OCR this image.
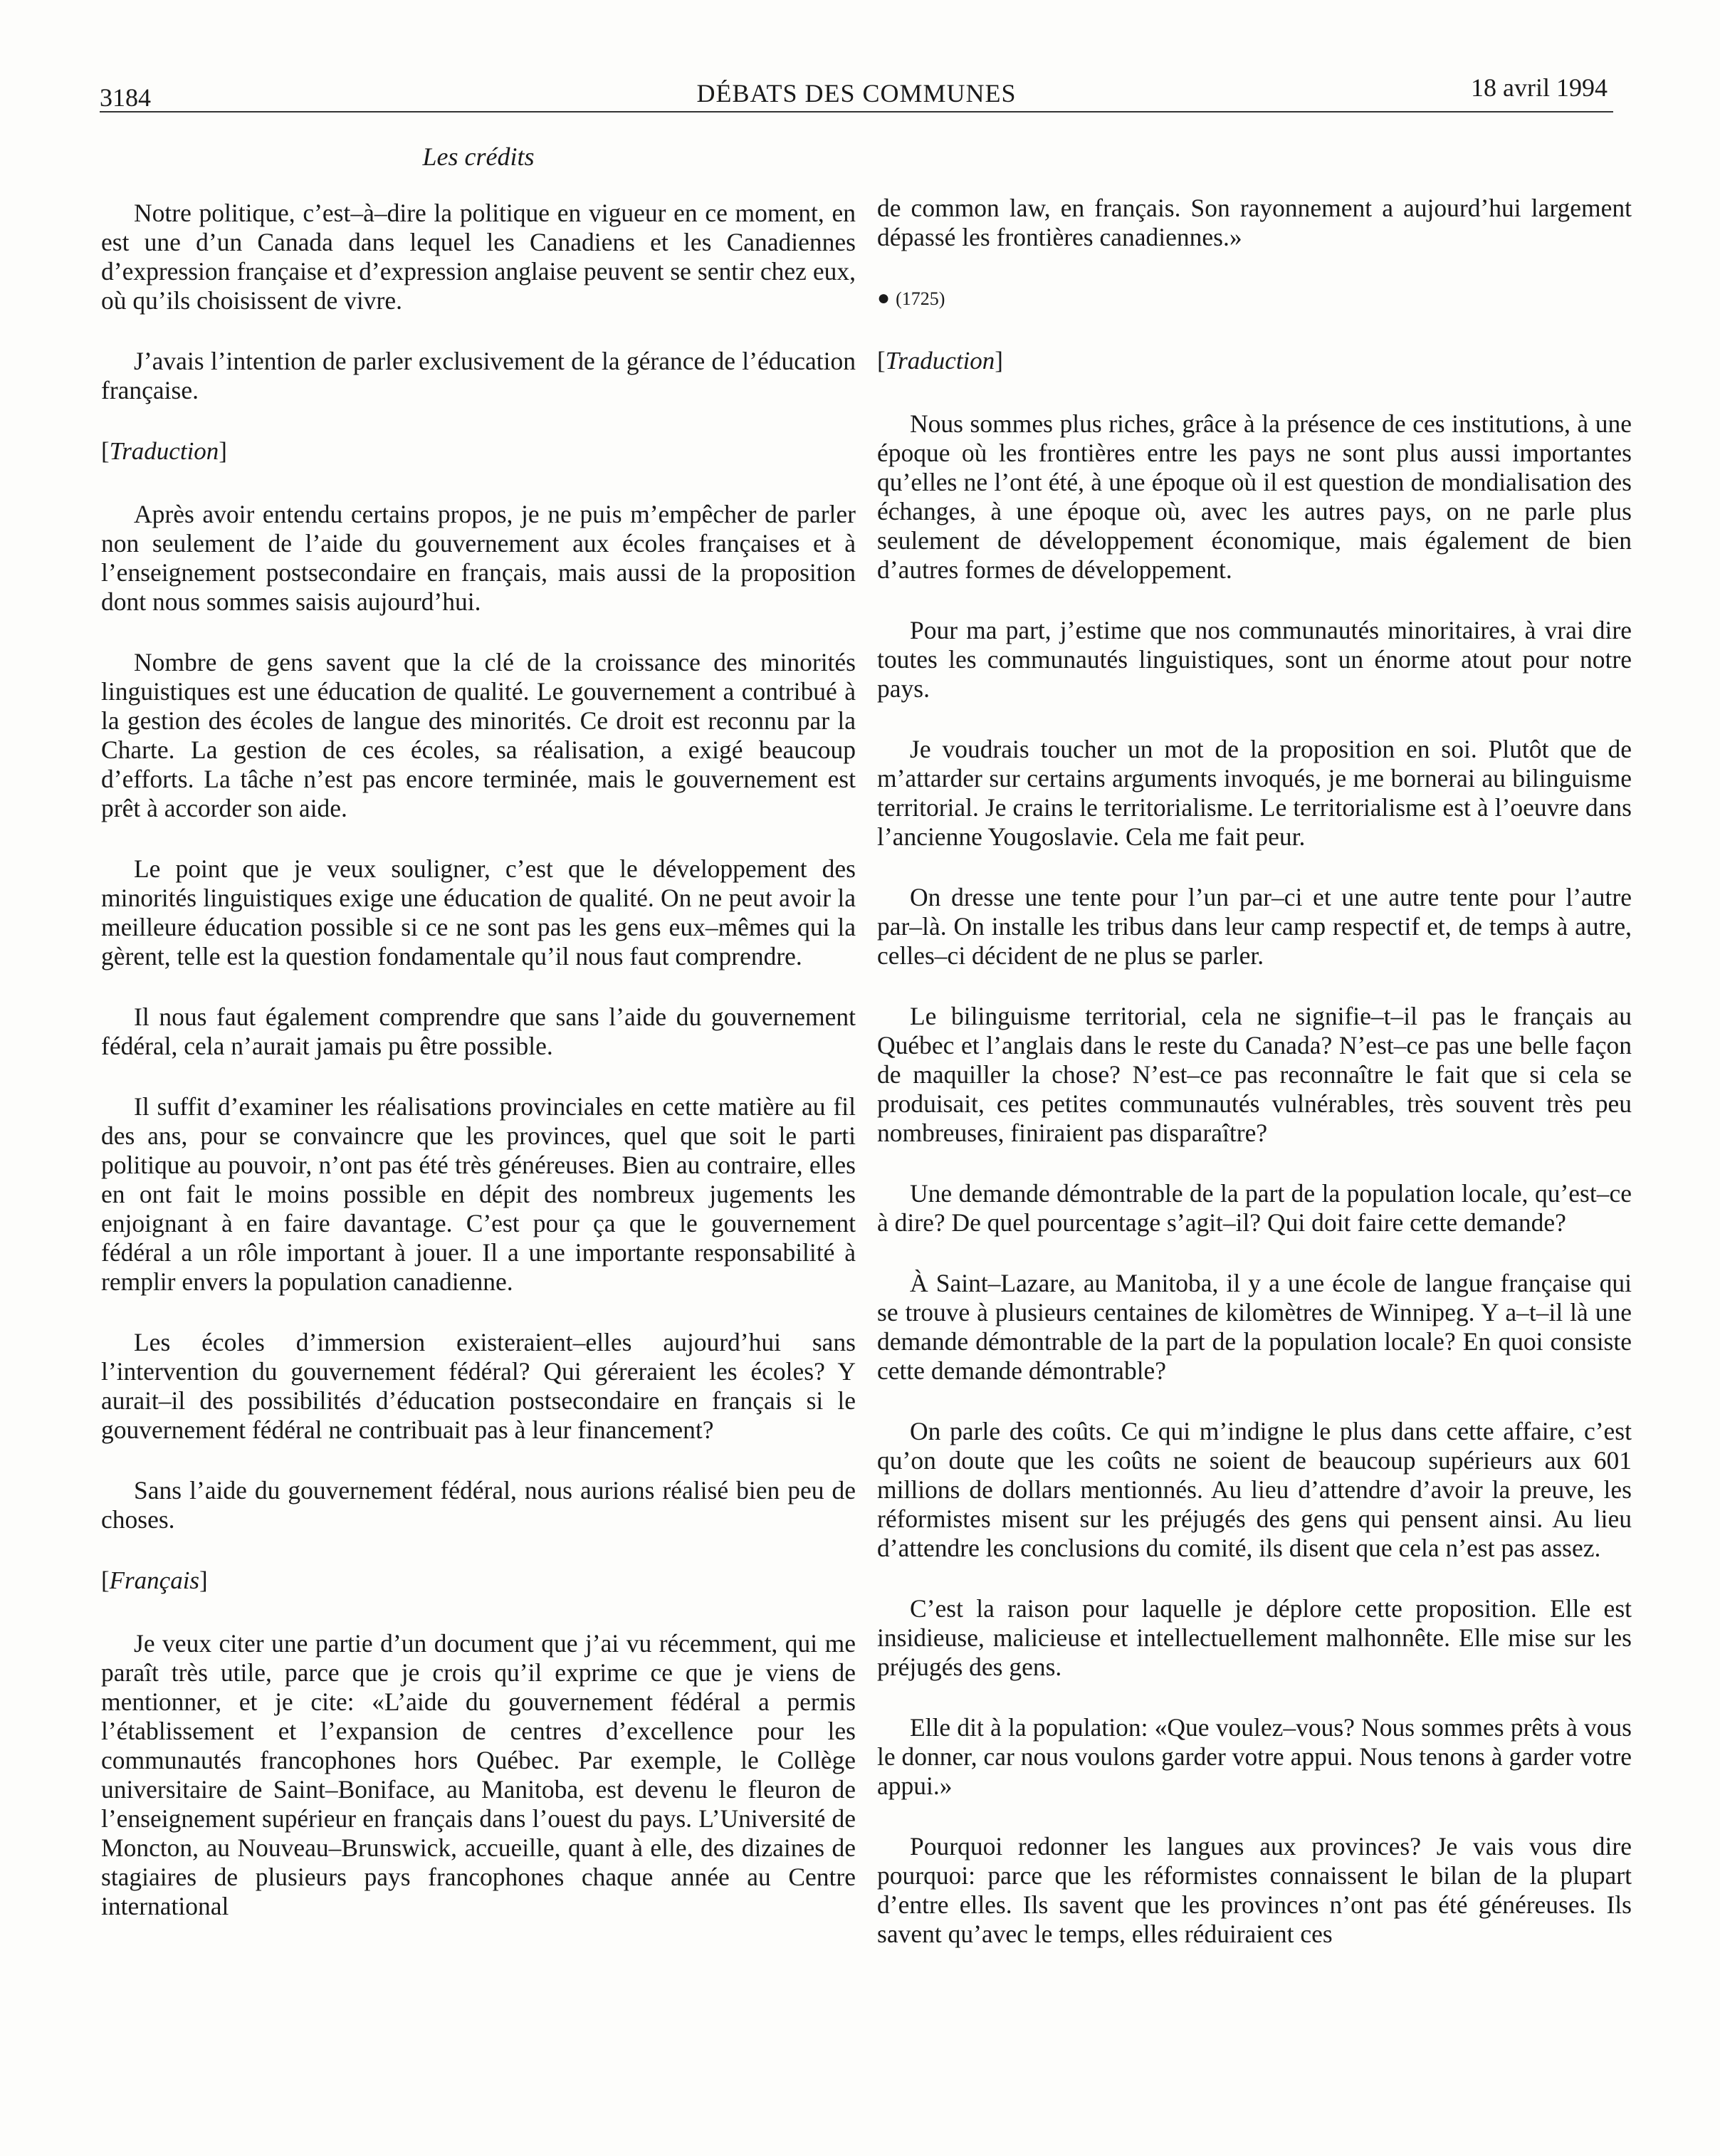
3184	DÉBATS DES COMMUNES	18 avril 1994
Les crédits

Notre politique, c’est–à–dire la politique en vigueur en ce moment, en est une d’un Canada dans lequel les Canadiens et les Canadiennes d’expression française et d’expression anglaise peuvent se sentir chez eux, où qu’ils choisissent de vivre.

J’avais l’intention de parler exclusivement de la gérance de l’éducation française.

[Traduction]

Après avoir entendu certains propos, je ne puis m’empêcher de parler non seulement de l’aide du gouvernement aux écoles françaises et à l’enseignement postsecondaire en français, mais aussi de la proposition dont nous sommes saisis aujourd’hui.

Nombre de gens savent que la clé de la croissance des minorités linguistiques est une éducation de qualité. Le gouvernement a contribué à la gestion des écoles de langue des minorités. Ce droit est reconnu par la Charte. La gestion de ces écoles, sa réalisation, a exigé beaucoup d’efforts. La tâche n’est pas encore terminée, mais le gouvernement est prêt à accorder son aide.

Le point que je veux souligner, c’est que le développement des minorités linguistiques exige une éducation de qualité. On ne peut avoir la meilleure éducation possible si ce ne sont pas les gens eux–mêmes qui la gèrent, telle est la question fondamentale qu’il nous faut comprendre.

Il nous faut également comprendre que sans l’aide du gouvernement fédéral, cela n’aurait jamais pu être possible.

Il suffit d’examiner les réalisations provinciales en cette matière au fil des ans, pour se convaincre que les provinces, quel que soit le parti politique au pouvoir, n’ont pas été très généreuses. Bien au contraire, elles en ont fait le moins possible en dépit des nombreux jugements les enjoignant à en faire davantage. C’est pour ça que le gouvernement fédéral a un rôle important à jouer. Il a une importante responsabilité à remplir envers la population canadienne.

Les écoles d’immersion existeraient–elles aujourd’hui sans l’intervention du gouvernement fédéral? Qui géreraient les écoles? Y aurait–il des possibilités d’éducation postsecondaire en français si le gouvernement fédéral ne contribuait pas à leur financement?

Sans l’aide du gouvernement fédéral, nous aurions réalisé bien peu de choses.

[Français]

Je veux citer une partie d’un document que j’ai vu récemment, qui me paraît très utile, parce que je crois qu’il exprime ce que je viens de mentionner, et je cite: «L’aide du gouvernement fédéral a permis l’établissement et l’expansion de centres d’excellence pour les communautés francophones hors Québec. Par exemple, le Collège universitaire de Saint–Boniface, au Manitoba, est devenu le fleuron de l’enseignement supérieur en français dans l’ouest du pays. L’Université de Moncton, au Nouveau–Brunswick, accueille, quant à elle, des dizaines de stagiaires de plusieurs pays francophones chaque année au Centre international

de common law, en français. Son rayonnement a aujourd’hui largement dépassé les frontières canadiennes.»

● (1725)
[Traduction]

Nous sommes plus riches, grâce à la présence de ces institutions, à une époque où les frontières entre les pays ne sont plus aussi importantes qu’elles ne l’ont été, à une époque où il est question de mondialisation des échanges, à une époque où, avec les autres pays, on ne parle plus seulement de développement économique, mais également de bien d’autres formes de développement.

Pour ma part, j’estime que nos communautés minoritaires, à vrai dire toutes les communautés linguistiques, sont un énorme atout pour notre pays.

Je voudrais toucher un mot de la proposition en soi. Plutôt que de m’attarder sur certains arguments invoqués, je me bornerai au bilinguisme territorial. Je crains le territorialisme. Le territorialisme est à l’oeuvre dans l’ancienne Yougoslavie. Cela me fait peur.

On dresse une tente pour l’un par–ci et une autre tente pour l’autre par–là. On installe les tribus dans leur camp respectif et, de temps à autre, celles–ci décident de ne plus se parler.

Le bilinguisme territorial, cela ne signifie–t–il pas le français au Québec et l’anglais dans le reste du Canada? N’est–ce pas une belle façon de maquiller la chose? N’est–ce pas reconnaître le fait que si cela se produisait, ces petites communautés vulnérables, très souvent très peu nombreuses, finiraient pas disparaître?

Une demande démontrable de la part de la population locale, qu’est–ce à dire? De quel pourcentage s’agit–il? Qui doit faire cette demande?

À Saint–Lazare, au Manitoba, il y a une école de langue française qui se trouve à plusieurs centaines de kilomètres de Winnipeg. Y a–t–il là une demande démontrable de la part de la population locale? En quoi consiste cette demande démontrable?

On parle des coûts. Ce qui m’indigne le plus dans cette affaire, c’est qu’on doute que les coûts ne soient de beaucoup supérieurs aux 601 millions de dollars mentionnés. Au lieu d’attendre d’avoir la preuve, les réformistes misent sur les préjugés des gens qui pensent ainsi. Au lieu d’attendre les conclusions du comité, ils disent que cela n’est pas assez.

C’est la raison pour laquelle je déplore cette proposition. Elle est insidieuse, malicieuse et intellectuellement malhonnête. Elle mise sur les préjugés des gens.

Elle dit à la population: «Que voulez–vous? Nous sommes prêts à vous le donner, car nous voulons garder votre appui. Nous tenons à garder votre appui.»

Pourquoi redonner les langues aux provinces? Je vais vous dire pourquoi: parce que les réformistes connaissent le bilan de la plupart d’entre elles. Ils savent que les provinces n’ont pas été généreuses. Ils savent qu’avec le temps, elles réduiraient ces
